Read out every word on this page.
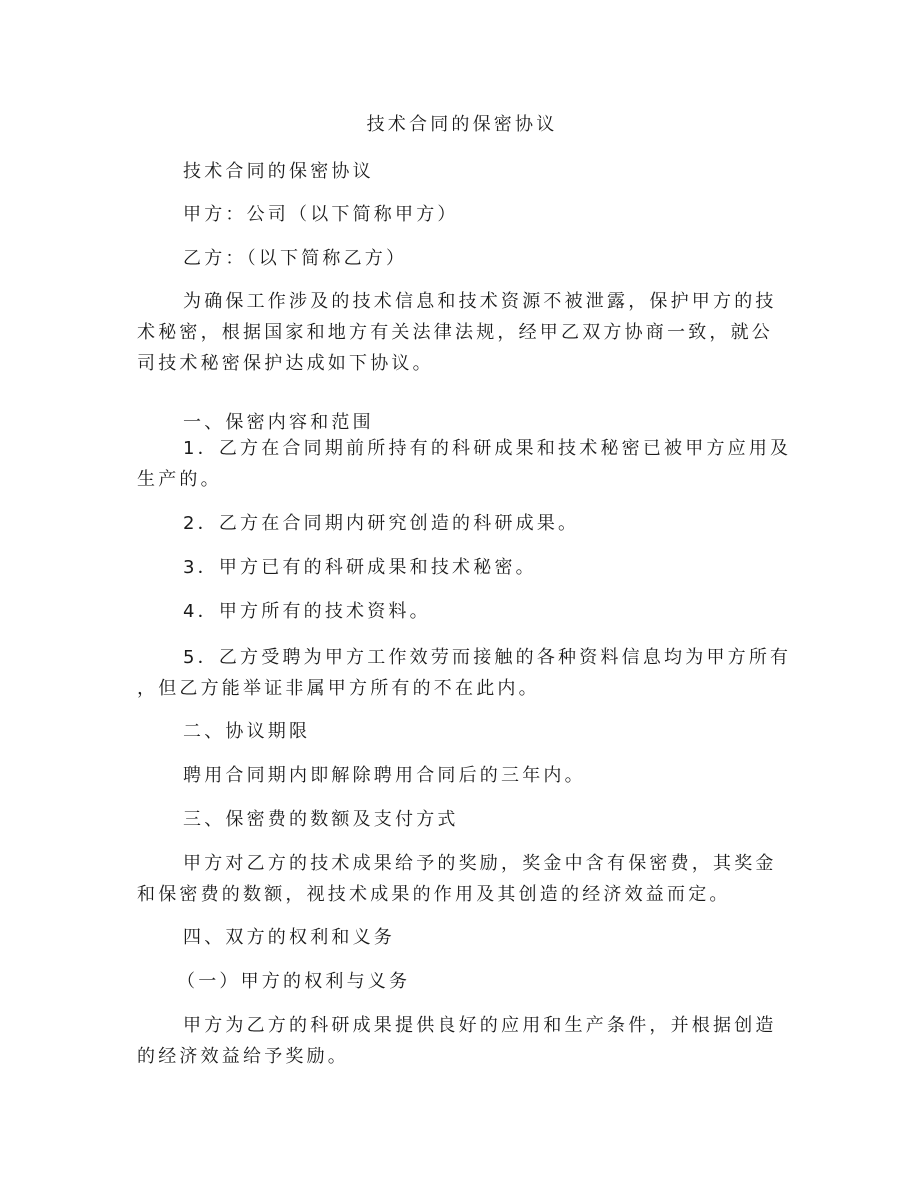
技术合同的保密协议

技术合同的保密协议

甲方：公司（以下简称甲方）

乙方：（以下简称乙方）

为确保工作涉及的技术信息和技术资源不被泄露，保护甲方的技
术秘密，根据国家和地方有关法律法规，经甲乙双方协商一致，就公
司技术秘密保护达成如下协议。

一、保密内容和范围

1．乙方在合同期前所持有的科研成果和技术秘密已被甲方应用及
生产的。

2．乙方在合同期内研究创造的科研成果。

3．甲方已有的科研成果和技术秘密。

4．甲方所有的技术资料。

5．乙方受聘为甲方工作效劳而接触的各种资料信息均为甲方所有
，但乙方能举证非属甲方所有的不在此内。

二、协议期限

聘用合同期内即解除聘用合同后的三年内。

三、保密费的数额及支付方式

甲方对乙方的技术成果给予的奖励，奖金中含有保密费，其奖金
和保密费的数额，视技术成果的作用及其创造的经济效益而定。

四、双方的权利和义务

（一）甲方的权利与义务

甲方为乙方的科研成果提供良好的应用和生产条件，并根据创造
的经济效益给予奖励。
